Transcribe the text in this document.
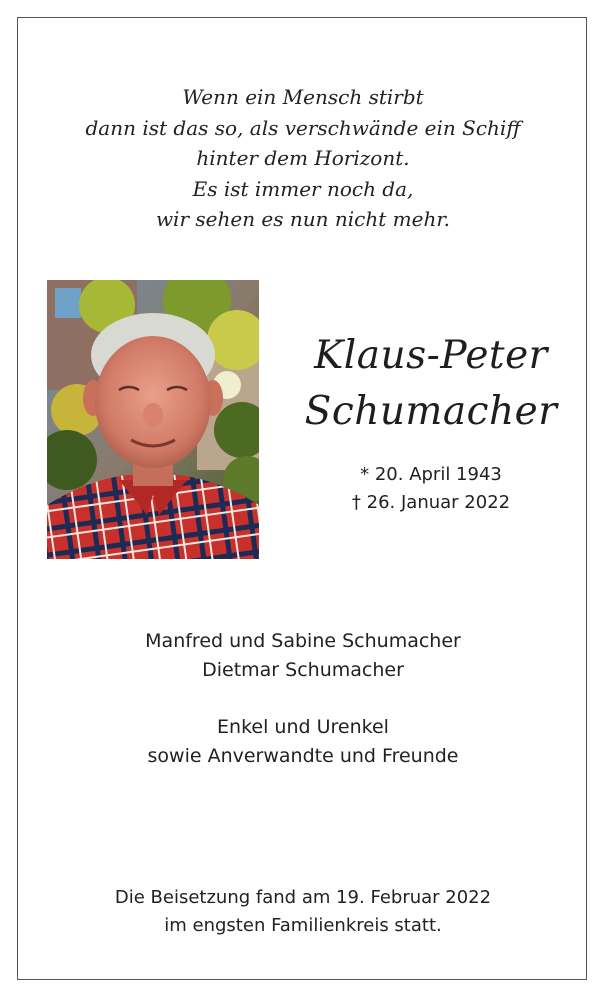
Wenn ein Mensch stirbt
dann ist das so, als verschwände ein Schiff
hinter dem Horizont.
Es ist immer noch da,
wir sehen es nun nicht mehr.
Klaus-Peter
Schumacher
* 20. April 1943
† 26. Januar 2022
Manfred und Sabine Schumacher
Dietmar Schumacher
Enkel und Urenkel
sowie Anverwandte und Freunde
Die Beisetzung fand am 19. Februar 2022
im engsten Familienkreis statt.
